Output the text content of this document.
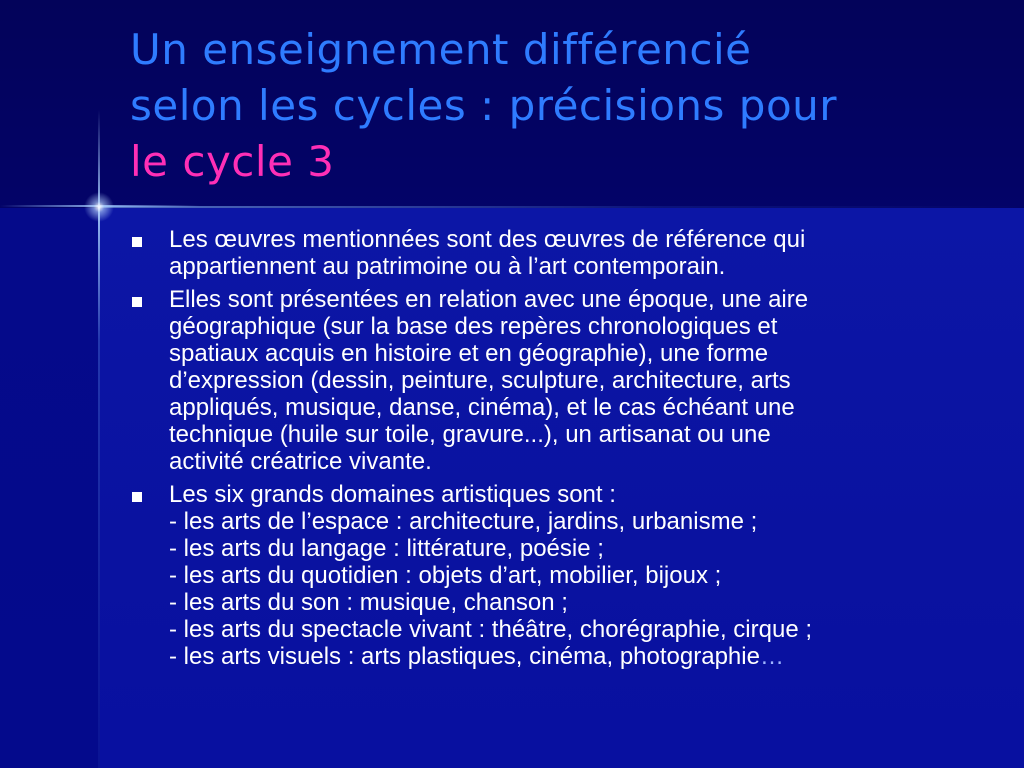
Un enseignement différencié
selon les cycles : précisions pour
le cycle 3
Les œuvres mentionnées sont des œuvres de référence qui
appartiennent au patrimoine ou à l’art contemporain.
Elles sont présentées en relation avec une époque, une aire
géographique (sur la base des repères chronologiques et
spatiaux acquis en histoire et en géographie), une forme
d’expression (dessin, peinture, sculpture, architecture, arts
appliqués, musique, danse, cinéma), et le cas échéant une
technique (huile sur toile, gravure...), un artisanat ou une
activité créatrice vivante.
Les six grands domaines artistiques sont :
- les arts de l’espace : architecture, jardins, urbanisme ;
- les arts du langage : littérature, poésie ;
- les arts du quotidien : objets d’art, mobilier, bijoux ;
- les arts du son : musique, chanson ;
- les arts du spectacle vivant : théâtre, chorégraphie, cirque ;
- les arts visuels : arts plastiques, cinéma, photographie…
